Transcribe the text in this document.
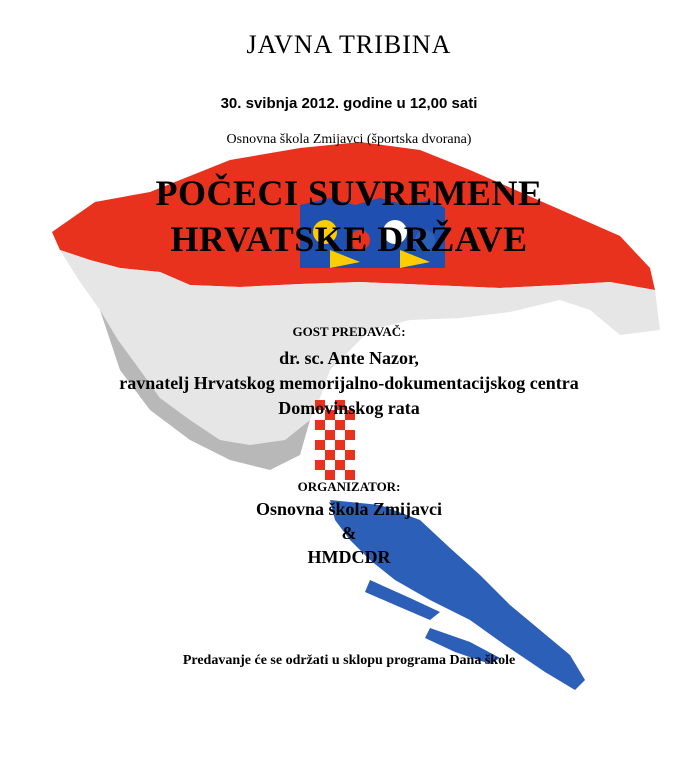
JAVNA TRIBINA
30. svibnja 2012. godine u 12,00 sati
Osnovna škola Zmijavci (športska dvorana)
POČECI SUVREMENE
HRVATSKE DRŽAVE
GOST PREDAVAČ:
dr. sc. Ante Nazor,
ravnatelj Hrvatskog memorijalno-dokumentacijskog centra
Domovinskog rata
ORGANIZATOR:
Osnovna škola Zmijavci
&
HMDCDR
Predavanje će se održati u sklopu programa Dana škole
